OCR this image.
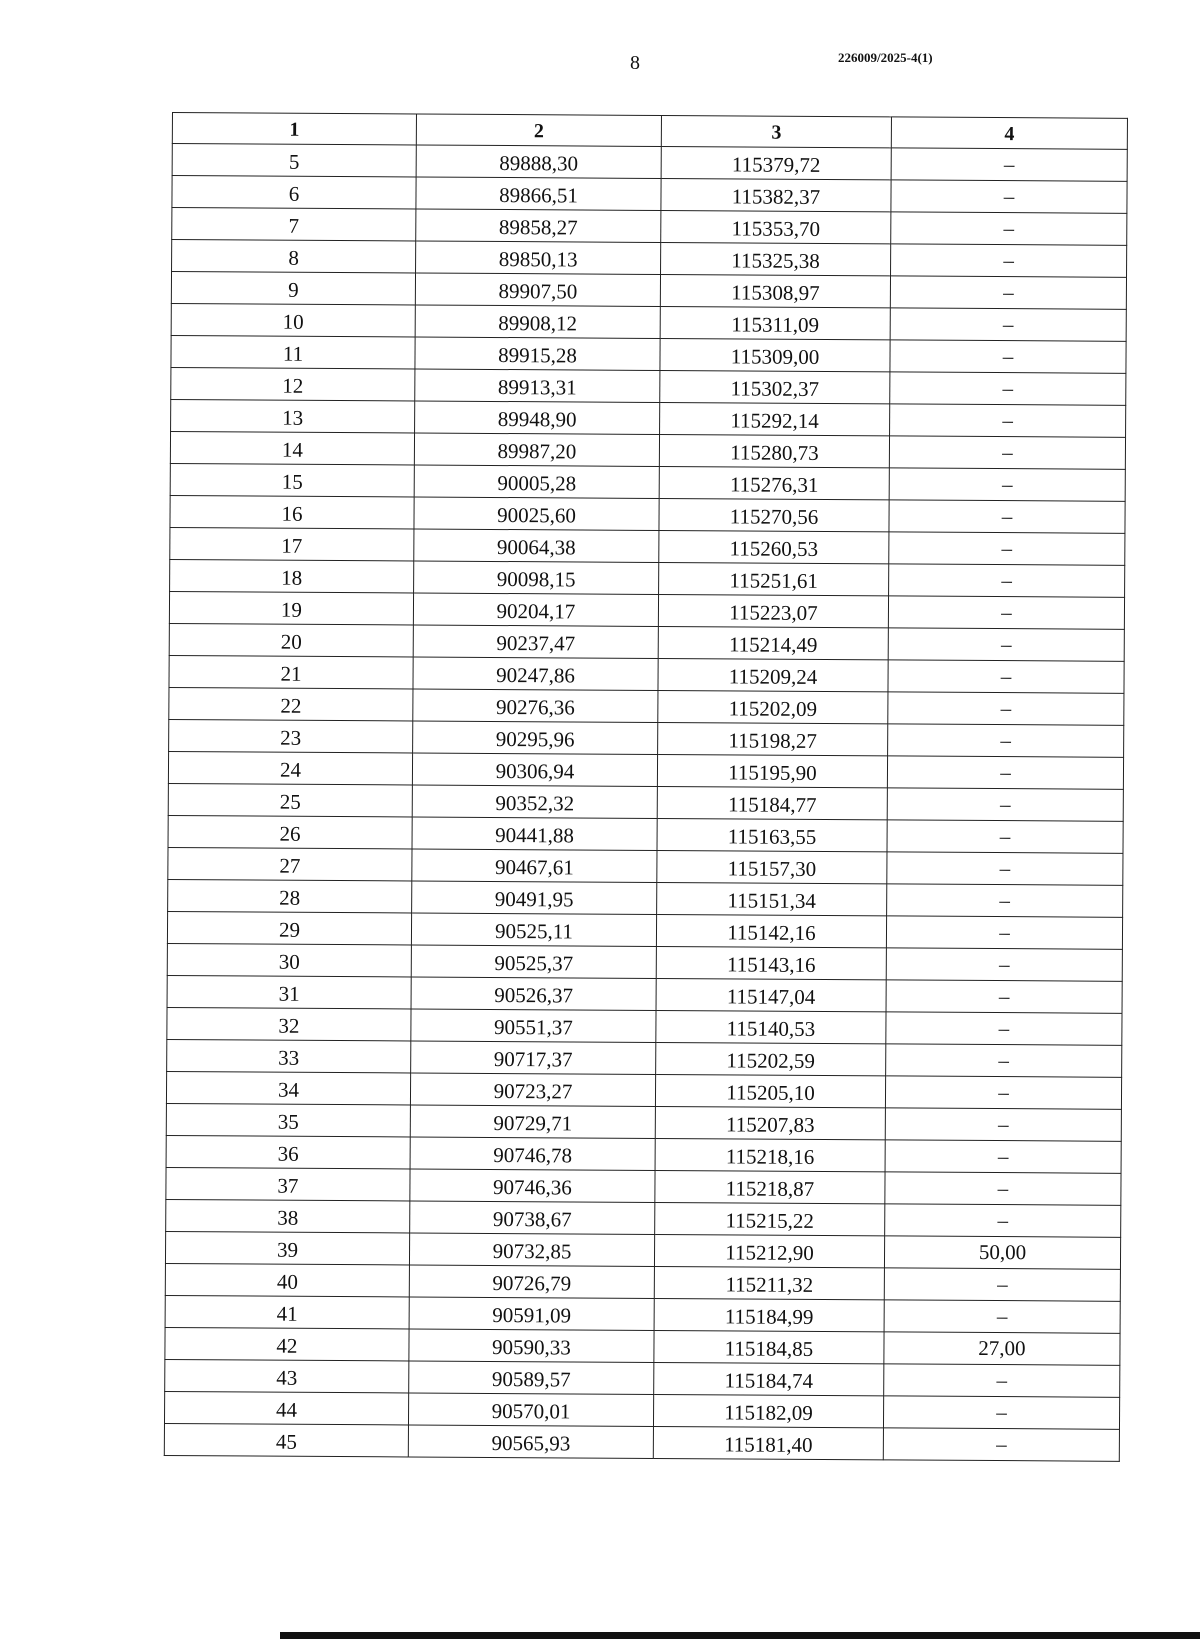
8	226009/2025-4(1)
1	2	3	4
5	89888,30	115379,72	–
6	89866,51	115382,37	–
7	89858,27	115353,70	–
8	89850,13	115325,38	–
9	89907,50	115308,97	–
10	89908,12	115311,09	–
11	89915,28	115309,00	–
12	89913,31	115302,37	–
13	89948,90	115292,14	–
14	89987,20	115280,73	–
15	90005,28	115276,31	–
16	90025,60	115270,56	–
17	90064,38	115260,53	–
18	90098,15	115251,61	–
19	90204,17	115223,07	–
20	90237,47	115214,49	–
21	90247,86	115209,24	–
22	90276,36	115202,09	–
23	90295,96	115198,27	–
24	90306,94	115195,90	–
25	90352,32	115184,77	–
26	90441,88	115163,55	–
27	90467,61	115157,30	–
28	90491,95	115151,34	–
29	90525,11	115142,16	–
30	90525,37	115143,16	–
31	90526,37	115147,04	–
32	90551,37	115140,53	–
33	90717,37	115202,59	–
34	90723,27	115205,10	–
35	90729,71	115207,83	–
36	90746,78	115218,16	–
37	90746,36	115218,87	–
38	90738,67	115215,22	–
39	90732,85	115212,90	50,00
40	90726,79	115211,32	–
41	90591,09	115184,99	–
42	90590,33	115184,85	27,00
43	90589,57	115184,74	–
44	90570,01	115182,09	–
45	90565,93	115181,40	–
